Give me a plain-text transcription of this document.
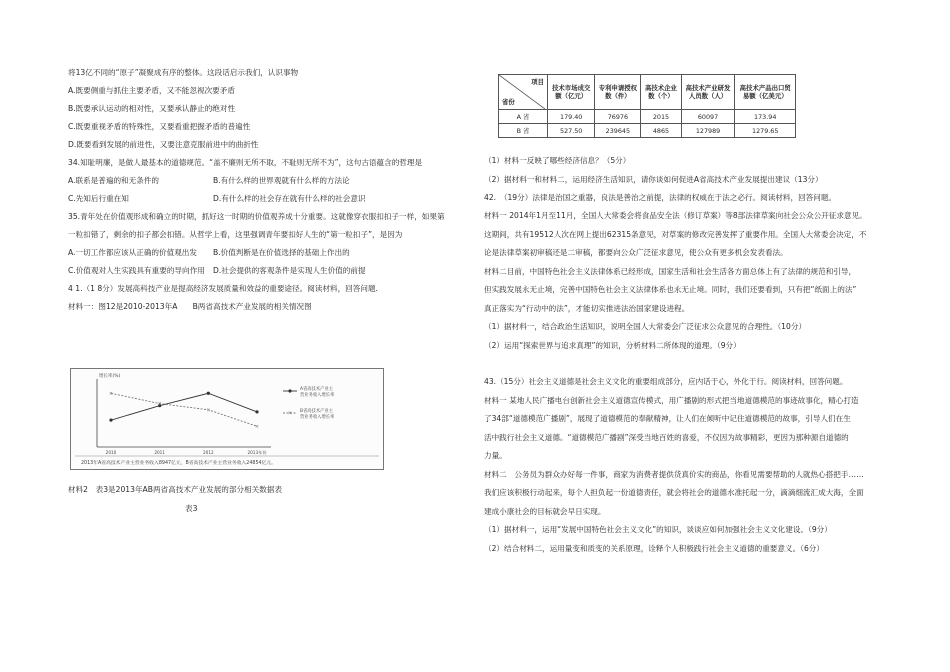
将13亿不同的“原子”凝聚成有序的整体。这段话启示我们，认识事物
A.既要侧重与抓住主要矛盾，又不能忽视次要矛盾
B.既要承认运动的相对性，又要承认静止的绝对性
C.既要重视矛盾的特殊性，又要看重把握矛盾的普遍性
D.既要看到发展的前进性，又要注意克服前进中的曲折性
34.知耻明廉，是做人最基本的道德规范。“盖不廉则无所不取，不耻则无所不为”，这句古语蕴含的哲理是
A.联系是普遍的和无条件的	B.有什么样的世界观就有什么样的方法论
C.先知后行重在知	D.有什么样的社会存在就有什么样的社会意识
35.青年处在价值观形成和确立的时期，抓好这一时期的价值观养成十分重要。这就像穿衣服扣扣子一样，如果第
一粒扣错了，剩余的扣子都会扣错。从哲学上看，这里强调青年要扣好人生的“第一粒扣子”，是因为
A.一切工作都应该从正确的价值观出发 B.价值判断是在价值选择的基础上作出的
C.价值观对人生实践具有重要的导向作用 D.社会提供的客观条件是实现人生价值的前提
4 1.（1 8分）发展高科技产业是提高经济发展质量和效益的重要途径。阅读材料，回答问题.
材料一：图12是2010-2013年A　　B两省高技术产业发展的相关情况图
增长率(%)
2010	2011	2012	2013年份
A省高技术产业主
营业务收入增长率
×
×
×
×
× B省高技术产业主
营业务收入增长率
2013年A省高技术产业主营业务收入8947亿元，B省高技术产业主营业务收入24854亿元。
材料2　表3是2013年AB两省高技术产业发展的部分相关数据表
表3
项目
省份	技术市场成交额（亿元）	专利申请授权数（件）	高技术企业数（个）	高技术产业研发人员数（人）	高技术产品出口贸易额（亿美元）
A 省	179.40	76976	2015	60097	173.94
B 省	527.50	239645	4865	127989	1279.65
（1）材料一反映了哪些经济信息？（5分）
（2）据材料一和材料二，运用经济生活知识，请你谈如何促进A省高技术产业发展提出建议（13分）
42.　（19分）法律是治国之重器，良法是善治之前提，法律的权威在于法之必行。阅读材料，回答问题。
材料一 2014年1月至11月，全国人大常委会将食品安全法（修订草案）等8部法律草案向社会公众公开征求意见。
这期间，共有19512人次在网上提出62315条意见，对草案的修改完善发挥了重要作用。全国人大常委会决定，不
论是法律草案初审稿还是二审稿，都要向公众广泛征求意见，使公众有更多机会发表看法。
材料二目前，中国特色社会主义法律体系已经形成，国家生活和社会生活各方面总体上有了法律的规范和引导，
但实践发展永无止境，完善中国特色社会主义法律体系也永无止境。同时，我们还要看到，只有把“纸面上的法”
真正落实为“行动中的法”，才能切实推进法治国家建设进程。
（1）据材料一，结合政治生活知识，说明全国人大常委会广泛征求公众意见的合理性。（10分）
（2）运用“探索世界与追求真理”的知识，分析材料二所体现的道理。（9分）
43.（15分）社会主义道德是社会主义文化的重要组成部分，应内话于心，外化于行。阅读材料，回答问题。
材料一 某地人民广播电台创新社会主义道德宣传模式，用广播剧的形式把当地道德模范的事迹故事化，精心打造
了34部“道德模范广播剧”，展现了道德模范的奉献精神，让人们在倾听中记住道德模范的故事，引导人们在生
活中践行社会主义道德。“道德模范广播剧”深受当地百姓的喜爱，不仅因为故事精彩，更因为那种源自道德的
力量。
材料二　公务员为群众办好每一件事，商家为消费者提供货真价实的商品，你看见需要帮助的人就热心搭把手……
我们应该积极行动起来，每个人担负起一份道德责任，就会将社会的道德水准托起一分，滴滴细流汇成大海，全面
建成小康社会的目标就会早日实现。
（1）据材料一，运用“发展中国特色社会主义文化”的知识，谈谈应如何加强社会主义文化建设。（9分）
（2）结合材料二，运用量变和质变的关系原理，诠释个人积极践行社会主义道德的重要意义。（6分）
